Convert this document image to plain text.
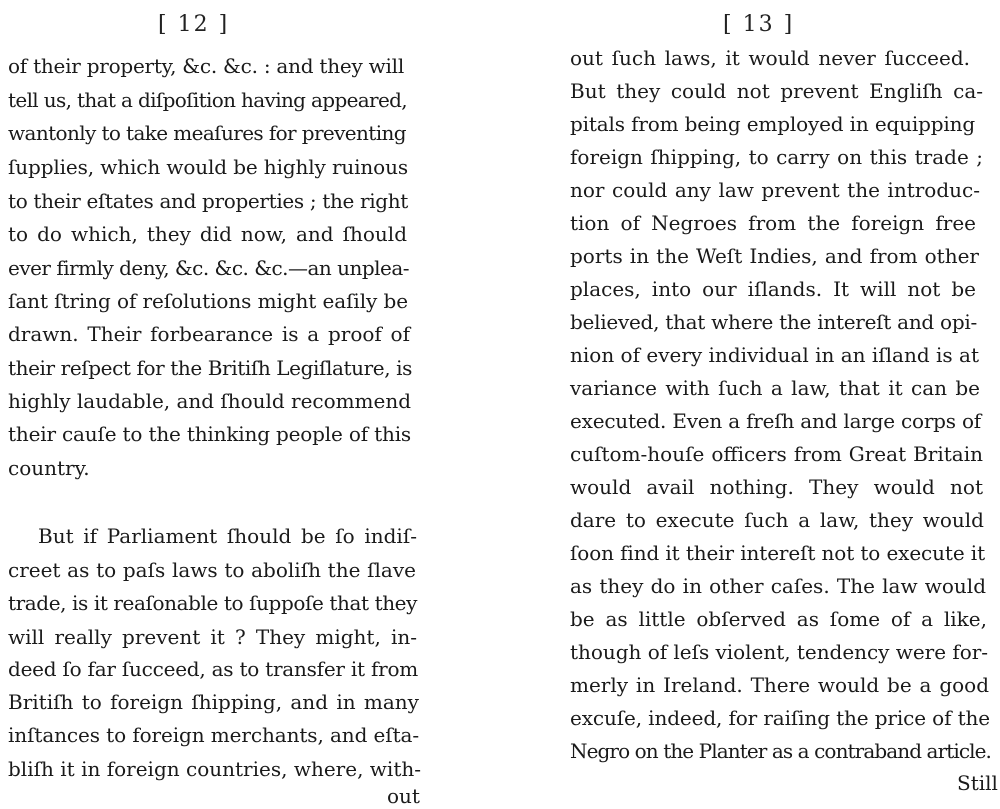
[ 12 ]
of their property, &c. &c. : and they will
tell us, that a diſpoſition having appeared,
wantonly to take meaſures for preventing
ſupplies, which would be highly ruinous
to their eſtates and properties ; the right
to do which, they did now, and ſhould
ever firmly deny, &c. &c. &c.—an unplea-
ſant ſtring of reſolutions might eaſily be
drawn. Their forbearance is a proof of
their reſpect for the Britiſh Legiſlature, is
highly laudable, and ſhould recommend
their cauſe to the thinking people of this
country.
But if Parliament ſhould be ſo indiſ-
creet as to paſs laws to aboliſh the ſlave
trade, is it reaſonable to ſuppoſe that they
will really prevent it ? They might, in-
deed ſo far ſucceed, as to transfer it from
Britiſh to foreign ſhipping, and in many
inſtances to foreign merchants, and eſta-
bliſh it in foreign countries, where, with-
out
[ 13 ]
out ſuch laws, it would never ſucceed.
But they could not prevent Engliſh ca-
pitals from being employed in equipping
foreign ſhipping, to carry on this trade ;
nor could any law prevent the introduc-
tion of Negroes from the foreign free
ports in the Weſt Indies, and from other
places, into our iſlands. It will not be
believed, that where the intereſt and opi-
nion of every individual in an iſland is at
variance with ſuch a law, that it can be
executed. Even a freſh and large corps of
cuſtom-houſe officers from Great Britain
would avail nothing. They would not
dare to execute ſuch a law, they would
ſoon find it their intereſt not to execute it
as they do in other caſes. The law would
be as little obſerved as ſome of a like,
though of leſs violent, tendency were for-
merly in Ireland. There would be a good
excuſe, indeed, for raiſing the price of the
Negro on the Planter as a contraband article.
Still
